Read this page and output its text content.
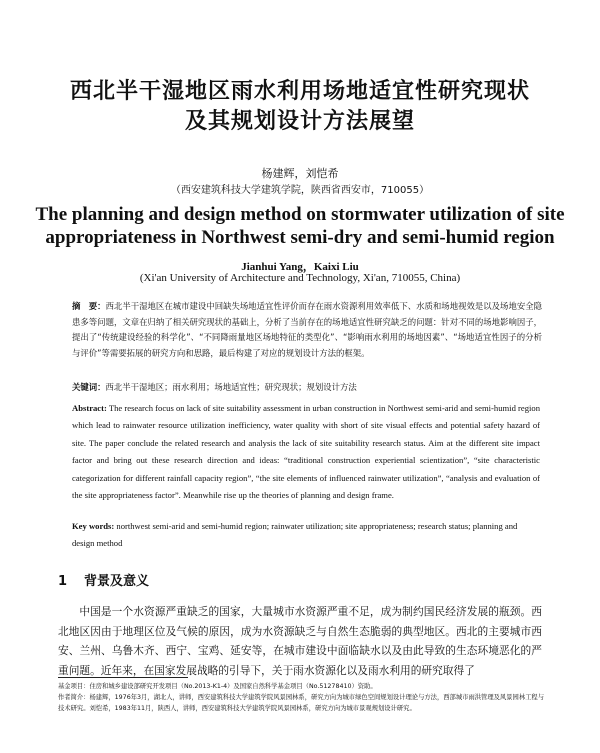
西北半干湿地区雨水利用场地适宜性研究现状
及其规划设计方法展望
杨建辉，刘恺希
（西安建筑科技大学建筑学院，陕西省西安市，710055）
The planning and design method on stormwater utilization of site
appropriateness in Northwest semi-dry and semi-humid region
Jianhui Yang，Kaixi Liu
(Xi'an University of Architecture and Technology, Xi'an, 710055, China)

摘　要：西北半干湿地区在城市建设中回缺失场地适宜性评价而存在雨水资源利用效率低下、水质和场地视效是以及场地安全隐患多等问题，文章在归纳了相关研究现状的基础上，分析了当前存在的场地适宜性研究缺乏的问题：针对不同的场地影响因子，提出了“传统建设经验的科学化”、“不同降雨量地区场地特征的类型化”、“影响雨水利用的场地因素”、“场地适宜性因子的分析与评价”等需要拓展的研究方向和思路，最后构建了对应的规划设计方法的框架。

关键词：西北半干湿地区；雨水利用；场地适宜性；研究现状；规划设计方法

Abstract: The research focus on lack of site suitability assessment in urban construction in Northwest semi-arid and semi-humid region which lead to rainwater resource utilization inefficiency, water quality with short of site visual effects and potential safety hazard of site. The paper conclude the related research and analysis the lack of site suitability research status. Aim at the different site impact factor and bring out these research direction and ideas: “traditional construction experiential scientization”, “site characteristic categorization for different rainfall capacity region”, “the site elements of influenced rainwater utilization”, “analysis and evaluation of the site appropriateness factor”. Meanwhile rise up the theories of planning and design frame.

Key words: northwest semi-arid and semi-humid region; rainwater utilization; site appropriateness; research status; planning and design method

1 背景及意义

中国是一个水资源严重缺乏的国家，大量城市水资源严重不足，成为制约国民经济发展的瓶颈。西北地区因由于地理区位及气候的原因，成为水资源缺乏与自然生态脆弱的典型地区。西北的主要城市西安、兰州、乌鲁木齐、西宁、宝鸡、延安等，在城市建设中面临缺水以及由此导致的生态环境恶化的严重问题。近年来，在国家发展战略的引导下，关于雨水资源化以及雨水利用的研究取得了

基金项目：住房和城乡建设部研究开发项目（No.2013-K1-4）及国家自然科学基金项目（No.51278410）资助。

作者简介：杨建辉，1976年3月，湖北人，讲师，西安建筑科技大学建筑学院风景园林系，研究方向为城市绿色空间规划设计理论与方法，西部城市雨洪管理及风景园林工程与技术研究。刘恺希，1983年11月，陕西人，讲师，西安建筑科技大学建筑学院风景园林系，研究方向为城市景观规划设计研究。
